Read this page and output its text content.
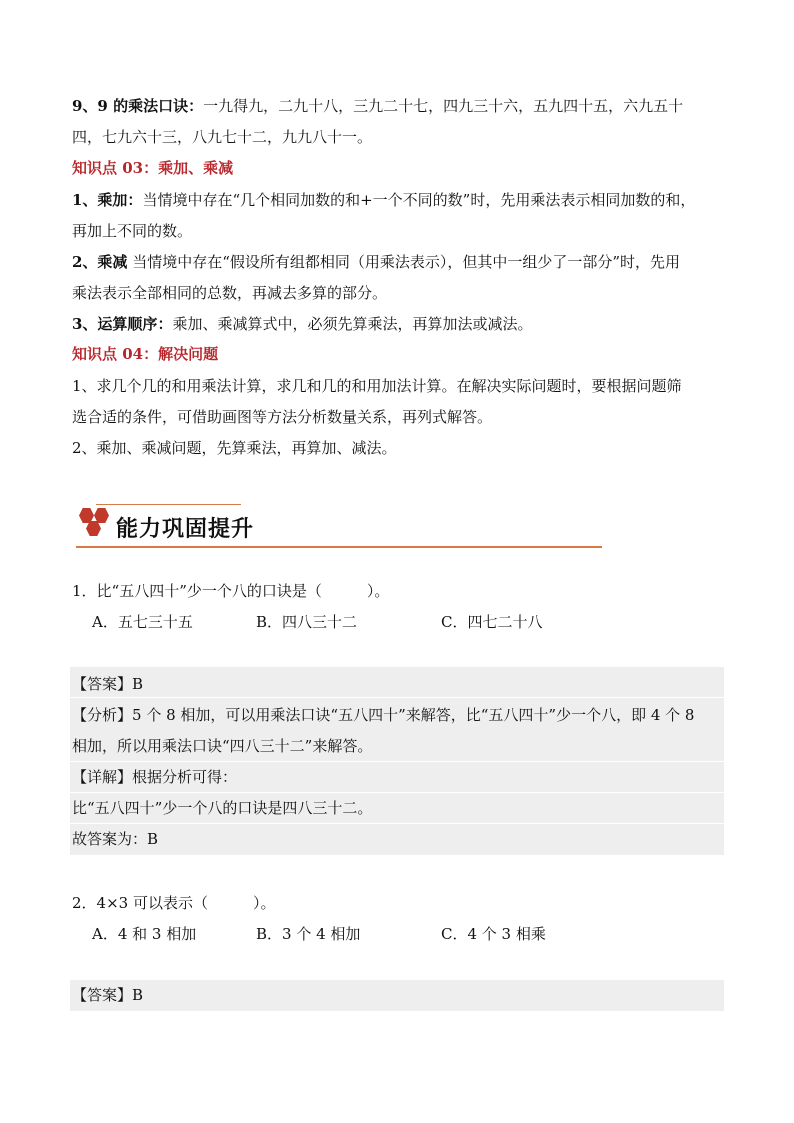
9、9 的乘法口诀：一九得九，二九十八，三九二十七，四九三十六，五九四十五，六九五十
四，七九六十三，八九七十二，九九八十一。

知识点 03：乘加、乘减

1、乘加：当情境中存在“几个相同加数的和+一个不同的数”时，先用乘法表示相同加数的和，
再加上不同的数。

2、乘减 当情境中存在“假设所有组都相同（用乘法表示），但其中一组少了一部分”时，先用
乘法表示全部相同的总数，再减去多算的部分。

3、运算顺序：乘加、乘减算式中，必须先算乘法，再算加法或减法。

知识点 04：解决问题

1、求几个几的和用乘法计算，求几和几的和用加法计算。在解决实际问题时，要根据问题筛
选合适的条件，可借助画图等方法分析数量关系，再列式解答。

2、乘加、乘减问题，先算乘法，再算加、减法。

能力巩固提升

1．比“五八四十”少一个八的口诀是（　　　）。

A．五七三十五	B．四八三十二	C．四七二十八

【答案】B

【分析】5 个 8 相加，可以用乘法口诀“五八四十”来解答，比“五八四十”少一个八，即 4 个 8
相加，所以用乘法口诀“四八三十二”来解答。

【详解】根据分析可得：

比“五八四十”少一个八的口诀是四八三十二。

故答案为：B

2．4×3 可以表示（　　　）。

A．4 和 3 相加	B．3 个 4 相加	C．4 个 3 相乘

【答案】B
